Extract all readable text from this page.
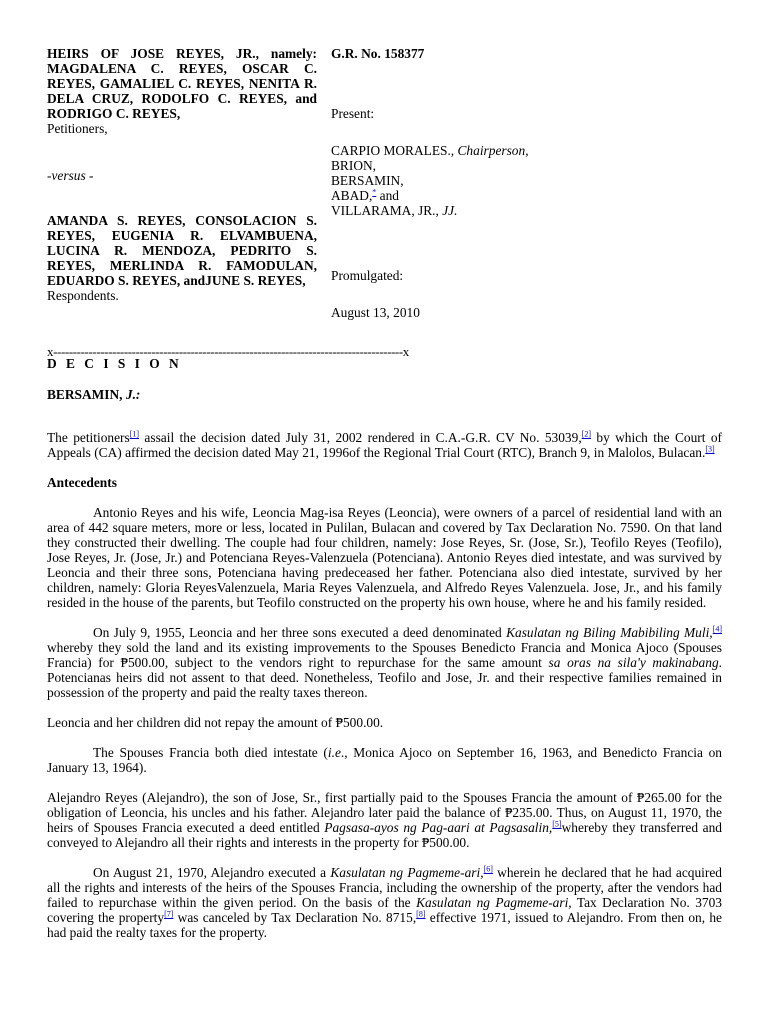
HEIRS OF JOSE REYES, JR., namely: MAGDALENA C. REYES, OSCAR C. REYES, GAMALIEL C. REYES, NENITA R. DELA CRUZ, RODOLFO C. REYES, and RODRIGO C. REYES,

Petitioners,

-versus -

AMANDA S. REYES, CONSOLACION S. REYES, EUGENIA R. ELVAMBUENA, LUCINA R. MENDOZA, PEDRITO S. REYES, MERLINDA R. FAMODULAN, EDUARDO S. REYES, andJUNE S. REYES,

Respondents.

G.R. No. 158377

Present:

CARPIO MORALES., Chairperson,

BRION,

BERSAMIN,

ABAD,* and

VILLARAMA, JR., JJ.

Promulgated:

August 13, 2010

x-----------------------------------------------------------------------------------------x
D E C I S I O N
BERSAMIN, J.:

The petitioners[1] assail the decision dated July 31, 2002 rendered in C.A.-G.R. CV No. 53039,[2] by which the Court of Appeals (CA) affirmed the decision dated May 21, 1996of the Regional Trial Court (RTC), Branch 9, in Malolos, Bulacan.[3]

Antecedents

Antonio Reyes and his wife, Leoncia Mag-isa Reyes (Leoncia), were owners of a parcel of residential land with an area of 442 square meters, more or less, located in Pulilan, Bulacan and covered by Tax Declaration No. 7590. On that land they constructed their dwelling. The couple had four children, namely: Jose Reyes, Sr. (Jose, Sr.), Teofilo Reyes (Teofilo), Jose Reyes, Jr. (Jose, Jr.) and Potenciana Reyes-Valenzuela (Potenciana). Antonio Reyes died intestate, and was survived by Leoncia and their three sons, Potenciana having predeceased her father. Potenciana also died intestate, survived by her children, namely: Gloria ReyesValenzuela, Maria Reyes Valenzuela, and Alfredo Reyes Valenzuela. Jose, Jr., and his family resided in the house of the parents, but Teofilo constructed on the property his own house, where he and his family resided.

On July 9, 1955, Leoncia and her three sons executed a deed denominated Kasulatan ng Biling Mabibiling Muli,[4] whereby they sold the land and its existing improvements to the Spouses Benedicto Francia and Monica Ajoco (Spouses Francia) for ₱500.00, subject to the vendors right to repurchase for the same amount sa oras na sila'y makinabang. Potencianas heirs did not assent to that deed. Nonetheless, Teofilo and Jose, Jr. and their respective families remained in possession of the property and paid the realty taxes thereon.

Leoncia and her children did not repay the amount of ₱500.00.

The Spouses Francia both died intestate (i.e., Monica Ajoco on September 16, 1963, and Benedicto Francia on January 13, 1964).

Alejandro Reyes (Alejandro), the son of Jose, Sr., first partially paid to the Spouses Francia the amount of ₱265.00 for the obligation of Leoncia, his uncles and his father. Alejandro later paid the balance of ₱235.00. Thus, on August 11, 1970, the heirs of Spouses Francia executed a deed entitled Pagsasa-ayos ng Pag-aari at Pagsasalin,[5]whereby they transferred and conveyed to Alejandro all their rights and interests in the property for ₱500.00.

On August 21, 1970, Alejandro executed a Kasulatan ng Pagmeme-ari,[6] wherein he declared that he had acquired all the rights and interests of the heirs of the Spouses Francia, including the ownership of the property, after the vendors had failed to repurchase within the given period. On the basis of the Kasulatan ng Pagmeme-ari, Tax Declaration No. 3703 covering the property[7] was canceled by Tax Declaration No. 8715,[8] effective 1971, issued to Alejandro. From then on, he had paid the realty taxes for the property.
